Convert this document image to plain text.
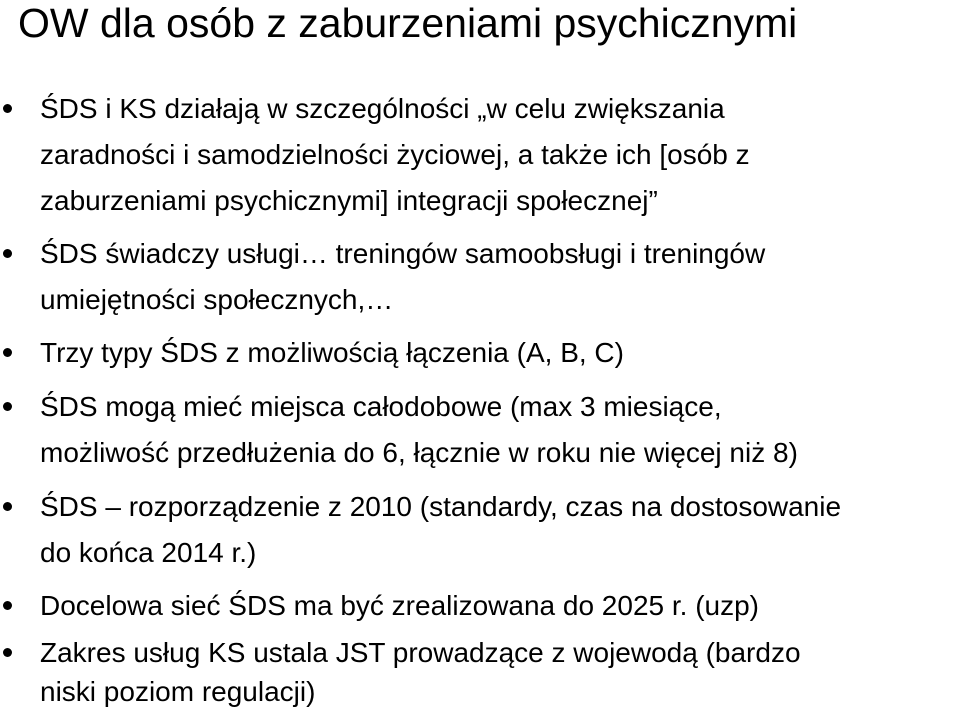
OW dla osób z zaburzeniami psychicznymi
ŚDS i KS działają w szczególności „w celu zwiększania
zaradności i samodzielności życiowej, a także ich [osób z
zaburzeniami psychicznymi] integracji społecznej”
ŚDS świadczy usługi… treningów samoobsługi i treningów
umiejętności społecznych,…
Trzy typy ŚDS z możliwością łączenia (A, B, C)
ŚDS mogą mieć miejsca całodobowe (max 3 miesiące,
możliwość przedłużenia do 6, łącznie w roku nie więcej niż 8)
ŚDS – rozporządzenie z 2010 (standardy, czas na dostosowanie
do końca 2014 r.)
Docelowa sieć ŚDS ma być zrealizowana do 2025 r. (uzp)
Zakres usług KS ustala JST prowadzące z wojewodą (bardzo
niski poziom regulacji)
